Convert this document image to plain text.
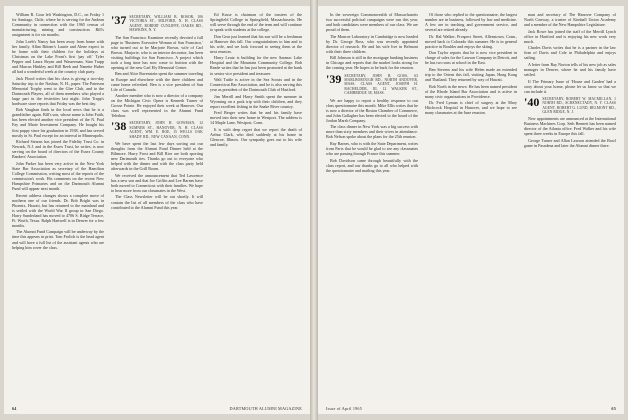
William R. Gour left Washington, D.C., on Friday 1 for Santiago, Chile, where he is serving for the Andean Community in connection with the 1965 census of manufacturing, mining and construction. Bill's assignment is for six months.

John Loeb's Nancy has been away from home with her family. Allan Bittner's Laurie and Alene expect to be home with their children for the holidays at Christmas on the Lake Front's first 'pay off.' Tyler Pepper and Laura Bryan and Wasserman, Stan Trapp and Marcus Hinkley and Bill Reeb and Nanette Huber all had a wonderful week at the country club party.

Jack Flood writes that his class is giving a two-day Saturday trip to the Nashua, N. H., paper. The Paterson Memorial Trophy went to the Glee Club, and to the Dartmouth Players, all of them members who played a large part in the festivities last night. John Trapp's hardware store reports that Friday was the best day.

Bob Vaughan finds in the local news that he is a grandfather again. Bill's son, whose name is John Faith, has been elected another vice president of the N. Paul Fay and Marie Investment Company. He bought his first puppy since his graduation in 1938, and has served mostly in St. Paul except for an interval in Minneapolis.

Richard Stearns has joined the Fidelity Trust Co. in Newark, N.J. and in the Essex Trust, he writes, is now serving on the board of directors of the Essex County Bankers' Association.

John Parker has been very active in the New York State Bar Association as secretary of the Hamilton College Commission, writing most of the reports of the commission's work. His comments on the recent New Hampshire Primaries and on the Dartmouth Alumni Fund will appear next month.

Recent address changes shows a complete move of northern one of our friends. Dr. Bob Bright was in Phoenix, Hawaii, but has returned to the mainland and is settled with the World War II group in San Diego. Harry Sunderland has moved to 4706 S. Ridge Terrace, Ft. Worth, Texas. Ralph Hartwell is in Denver for a few months.

The Alumni Fund Campaign will be underway by the time this appears in print. Tom Frolich is the head agent and will have a full list of the assistant agents who are helping him cover the class.

'37 SECRETARY, WILLIAM B. ROSOR, 106 VICTORIA ST., MILFORD, N. H. CLASS AGENT, ROBERT CUNLIFFE, OAKES RD., HAWKINS, N. Y.

The San Francisco Examiner recently devoted a full page to 'Business Executive Woman of San Francisco,' who turned out to be Marjorie Brown, wife of Carl Brown. Marjorie, who is an interior decorator, has been visiting buildings for San Francisco. A project which took a long time has now come to fruition with the opening of the new Carl Ely Memorial Center.

Ben and Alice Ravenstein spent the summer traveling in Europe and elsewhere with the three children and came home refreshed. Ben is a vice president of Sun Life of Canada.

Another member who is now a director of a company on the Michigan Civic Opera is Kenneth Turner of Grosse Pointe. He enjoyed their week at Hanover. Our class was well represented in the Alumni Fund Telethon.

'38 SECRETARY, JOHN H. GOWMAN, 12 SUMNER ST., HANOVER, N. H. CLASS AGENT, WM. E. ROE, 15 WELLS OAK SHADY RD., NEW CANAAN, CONN.

We have spent the last few days sorting out our thoughts from the Alumni Fund Dinner held at the Biltmore. Harry Frost and Bill Rice are both sporting new Dartmouth ties. Thanks go out to everyone who helped with the dinner and with the class party held afterwards in the Grill Room.

We received the announcement that Ted Lawrence has a new son and that Joe Griffin and Lee Barnes have both moved to Connecticut with their families. We hope to hear more from our classmates in the West.

The Class Newsletter will be out shortly. It will contain the list of all members of the class who have contributed to the Alumni Fund this year.

Ed Kruse is chairman of the trustees of the Springfield College in Springfield, Massachusetts. He will serve through the end of the term and will continue to speak with students at the college.

Don Gear just learned that his son will be a freshman at Hanover this fall. Our congratulations to him and to his wife, and we look forward to seeing them at the next reunion.

Harry Leutz is building for the new Saranac Lake Hospital and the Mountain Community College. Bob Reade writes that he has just been promoted at the bank to senior vice president and treasurer.

Walt Tuttle is active in the Sea Scouts and in the Connecticut Bar Association, and he is also serving this year as president of the Dartmouth Club of Hartford.

Jim Merrill and Harry Smith spent the summer in Wyoming on a pack trip with their children, and they report excellent fishing in the Snake River country.

Fred Berger writes that he and his family have moved into their new home in Westport. The address is 14 Maple Lane, Westport, Conn.

It is with deep regret that we report the death of Arthur Clark, who died suddenly at his home in Glencoe, Illinois. Our sympathy goes out to his wife and family.

64	DARTMOUTH ALUMNI MAGAZINE

In the sovereign Commonwealth of Massachusetts two successful political campaigns were run this year, and both candidates were members of our class. We are proud of them.

The Monroe Laboratory in Cambridge is now headed by Dr. George Ross, who was recently appointed director of research. He and his wife live in Belmont with their three children.

Bill Johnson is still in the mortgage banking business in Chicago and reports that the market looks strong for the coming year. He hopes to be back for the reunion.

'39 SECRETARY, JOHN B. GOSS, 63 MARLBOROUGH RD., NORTH ANDOVER, MASS. CLASS AGENT, JOSEPH H. BACHELDER, III, 12 WALKER ST., CAMBRIDGE 38, MASS.

We are happy to report a healthy response to our class questionnaire this month. Mike Ellis writes that he is now a director of the Boston Chamber of Commerce, and John Gallagher has been elected to the board of the Jordan Marsh Company.

The class dinner in New York was a big success with more than sixty members and their wives in attendance. Bob Nelson spoke about the plans for the 25th reunion.

Ray Barnes, who is with the State Department, writes from Paris that he would be glad to see any classmates who are passing through France this summer.

Bob Davidson came through beautifully with the class report, and our thanks go to all who helped with the questionnaire and mailing this year.

Of those who replied to the questionnaire, the largest number are in business, followed by law and medicine. A few are in teaching and government service, and several are retired already.

Dr. Hal Walker, Prospect Street, Allenstown, Conn., moved back to Colorado this summer. He is in general practice in Boulder and enjoys the skiing.

Don Taylor reports that he is now vice president in charge of sales for the Lawson Company in Detroit, and he has two sons at school in the East.

Ben Stevens and his wife Helen made an extended trip to the Orient this fall, visiting Japan, Hong Kong and Thailand. They returned by way of Hawaii.

Bob North in the news: He has been named president of the Rhode Island Bar Association and is active in many civic organizations in Providence.

Dr. Fred Lyman is chief of surgery at the Mary Hitchcock Hospital in Hanover, and we hope to see many classmates at the June reunion.

man and secretary of The Hanover Company of North Conway, a trustee of Kimball Union Academy and a member of the New Hampshire Legislature.

Jack Rowe has joined the staff of the Merrill Lynch office in Hartford and is enjoying his new work very much.

Charles Davis writes that he is a partner in the law firm of Davis and Cole in Philadelphia and enjoys sailing.

A letter from Ray Norton tells of his new job as sales manager in Denver, where he and his family have settled.

If The Primary Issue of 'House and Garden' had a story about your home, please let us know so that we can include it.

'40 SECRETARY, ROBERT W. MACMILLAN, 1 NORTH RD., SCHENECTADY, N. Y. CLASS AGENT, ROBERT G. LUND, BELMONT RD., GLEN RIDGE, N. J.

New appointments are announced at the International Business Machines Corp. Seth Bennett has been named director of the Atlanta office. Fred Walker and his wife spent three weeks in Europe this fall.

George Turner and Allan Lawson attended the Bowl game in Pasadena and later the Alumni dinner there.

Issue of April 1965	65
